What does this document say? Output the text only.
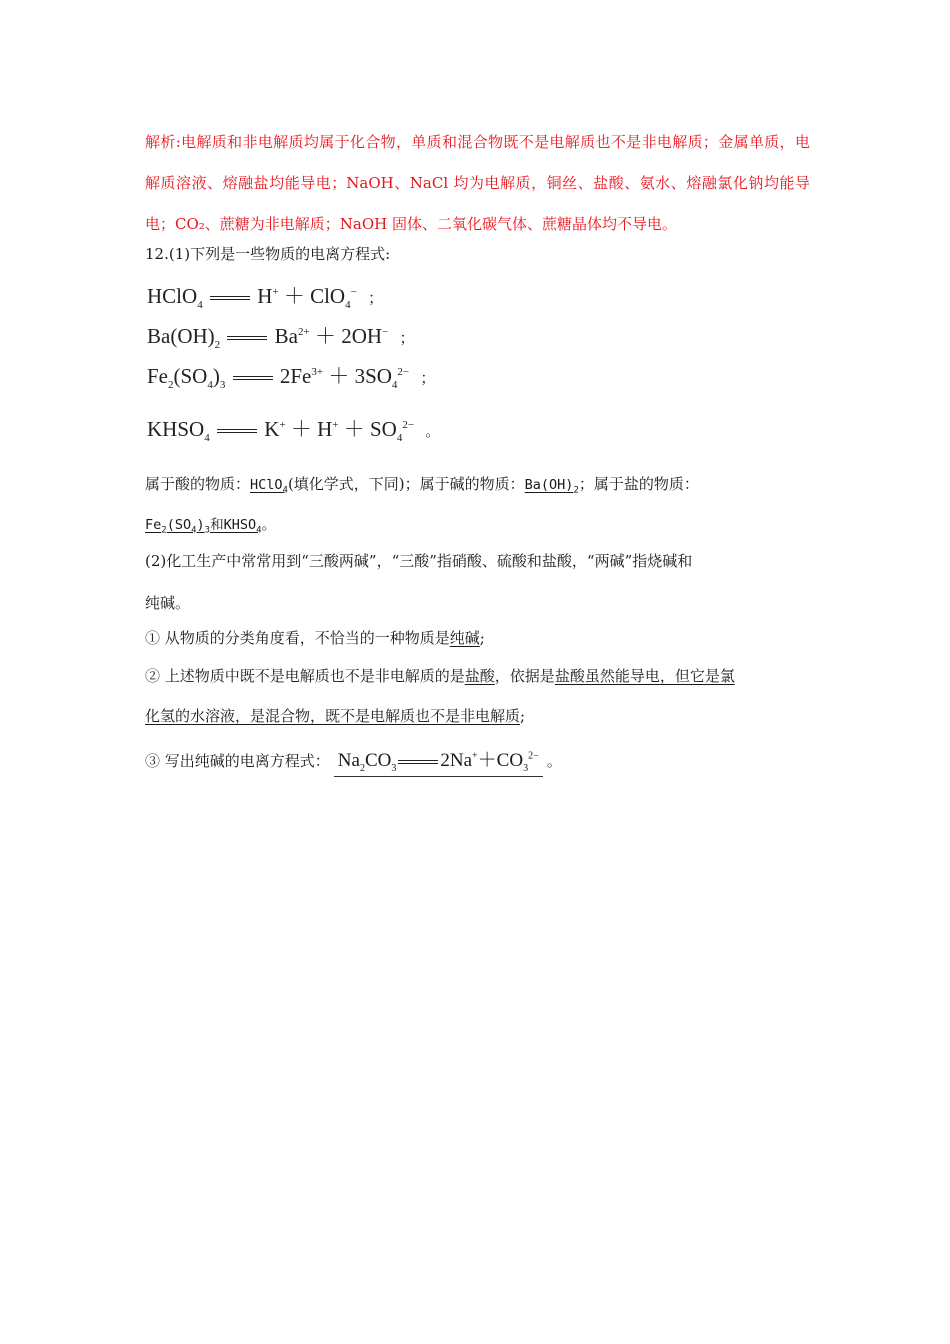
解析:电解质和非电解质均属于化合物，单质和混合物既不是电解质也不是非电解质；金属单质，电解质溶液、熔融盐均能导电；NaOH、NaCl 均为电解质，铜丝、盐酸、氨水、熔融氯化钠均能导电；CO₂、蔗糖为非电解质；NaOH 固体、二氧化碳气体、蔗糖晶体均不导电。
12.(1)下列是一些物质的电离方程式:
HClO$_4$	H+ ＋ ClO$_4$− ；
$Ba(OH)_2$	$Ba^{2+} + 2OH^-$ ；
$Fe_2(SO_4)_3$	$2Fe^{3+} + 3SO_4^{2-}$ ；
$KHSO_4$	$K^+ + H^+ + SO_4^{2-}$ 。
属于酸的物质：HClO$_4$(填化学式，下同)；属于碱的物质：$Ba(OH)_2$；属于盐的物质：
$Fe_2(SO_4)_3$和$KHSO_4$。
(2)化工生产中常常用到“三酸两碱”，“三酸”指硝酸、硫酸和盐酸，“两碱”指烧碱和
纯碱。
① 从物质的分类角度看，不恰当的一种物质是纯碱;
② 上述物质中既不是电解质也不是非电解质的是盐酸，依据是盐酸虽然能导电，但它是氯
化氢的水溶液，是混合物，既不是电解质也不是非电解质;
③ 写出纯碱的电离方程式： $Na_2CO_3$ $2Na^++CO_3^{2-}$ 。
